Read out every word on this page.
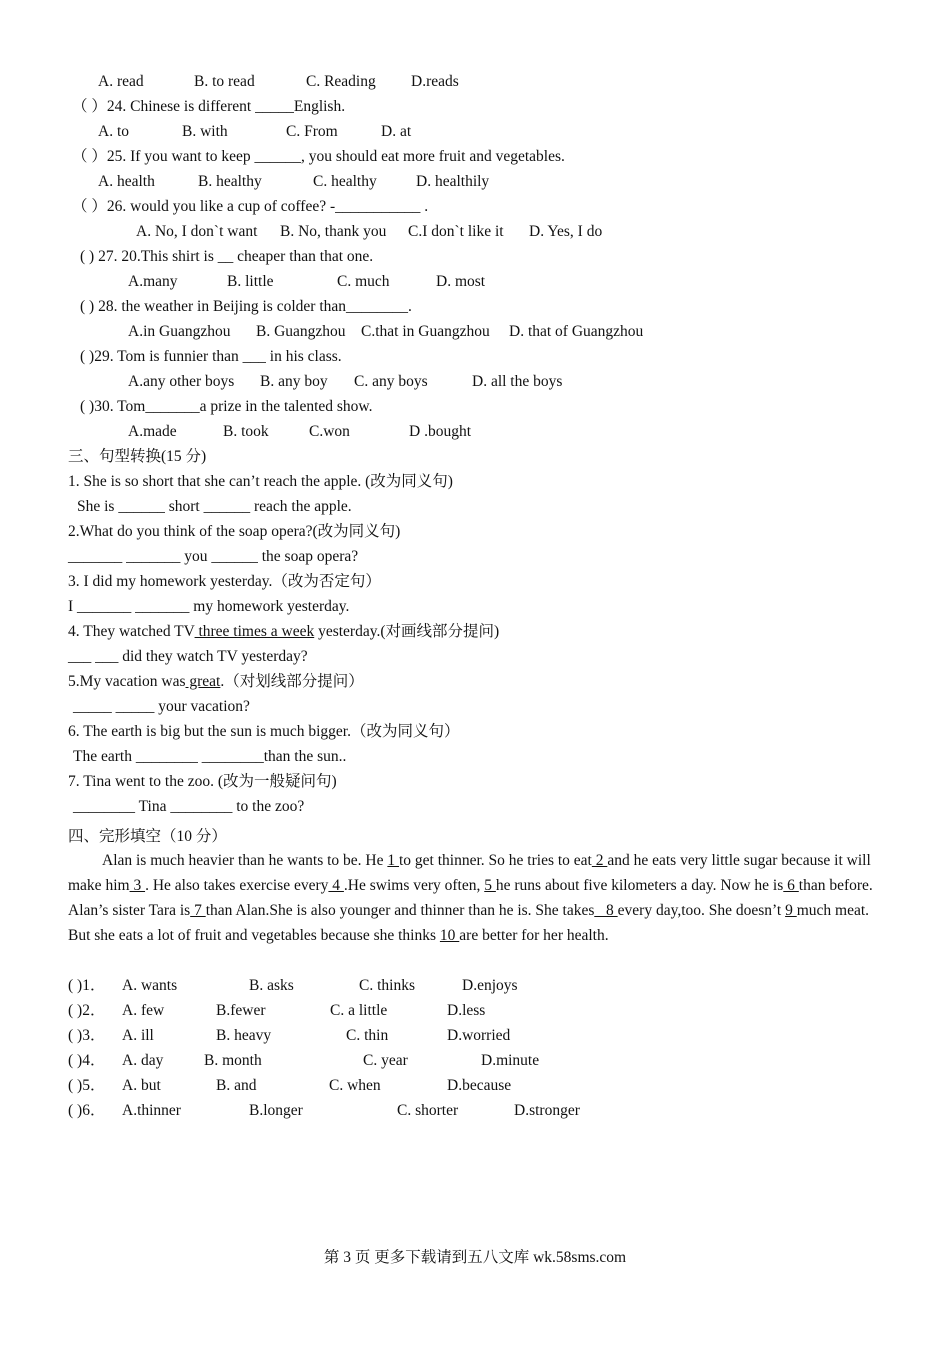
A. read	B. to read	C. Reading D.reads
（ ）24. Chinese is different _____English.
A. to	B. with	C. From	D. at
（ ）25. If you want to keep ______, you should eat more fruit and vegetables.
A. health	B. healthy	C. healthy	D. healthily
（ ）26. would you like a cup of coffee? -___________ .
A. No, I don`t want B. No, thank you C.I don`t like it D. Yes, I do
( ) 27. 20.This shirt is __ cheaper than that one.
A.many	B. little	C. much	D. most
( ) 28. the weather in Beijing is colder than________.
A.in Guangzhou B. Guangzhou C.that in Guangzhou D. that of Guangzhou
( )29. Tom is funnier than ___ in his class.
A.any other boys B. any boy C. any boys	D. all the boys
( )30. Tom_______a prize in the talented show.
A.made	B. took	C.won	D .bought
三、句型转换(15 分)
1. She is so short that she can’t reach the apple. (改为同义句)
She is ______ short ______ reach the apple.
2.What do you think of the soap opera?(改为同义句)
_______ _______ you ______ the soap opera?
3. I did my homework yesterday.（改为否定句）
I _______ _______ my homework yesterday.
4. They watched TV three times a week yesterday.(对画线部分提问)
___ ___ did they watch TV yesterday?
5.My vacation was great.（对划线部分提问）
_____ _____ your vacation?
6. The earth is big but the sun is much bigger.（改为同义句）
The earth ________ ________than the sun..
7. Tina went to the zoo. (改为一般疑问句)
________ Tina ________ to the zoo?
四、完形填空（10 分）
Alan is much heavier than he wants to be. He 1 to get thinner. So he tries to eat 2 and he eats very little sugar because it will make him 3 . He also takes exercise every 4 .He swims very often, 5 he runs about five kilometers a day. Now he is 6 than before. Alan’s sister Tara is 7 than Alan.She is also younger and thinner than he is. She takes_ 8 every day,too. She doesn’t 9 much meat. But she eats a lot of fruit and vegetables because she thinks 10 are better for her health.
( )1． A. wants	B. asks	C. thinks	D.enjoys
( )2． A. few	B.fewer	C. a little	D.less
( )3． A. ill	B. heavy	C. thin	D.worried
( )4． A. day	B. month	C. year	D.minute
( )5． A. but	B. and	C. when	D.because
( )6． A.thinner	B.longer	C. shorter	D.stronger
第 3 页 更多下载请到五八文库 wk.58sms.com
